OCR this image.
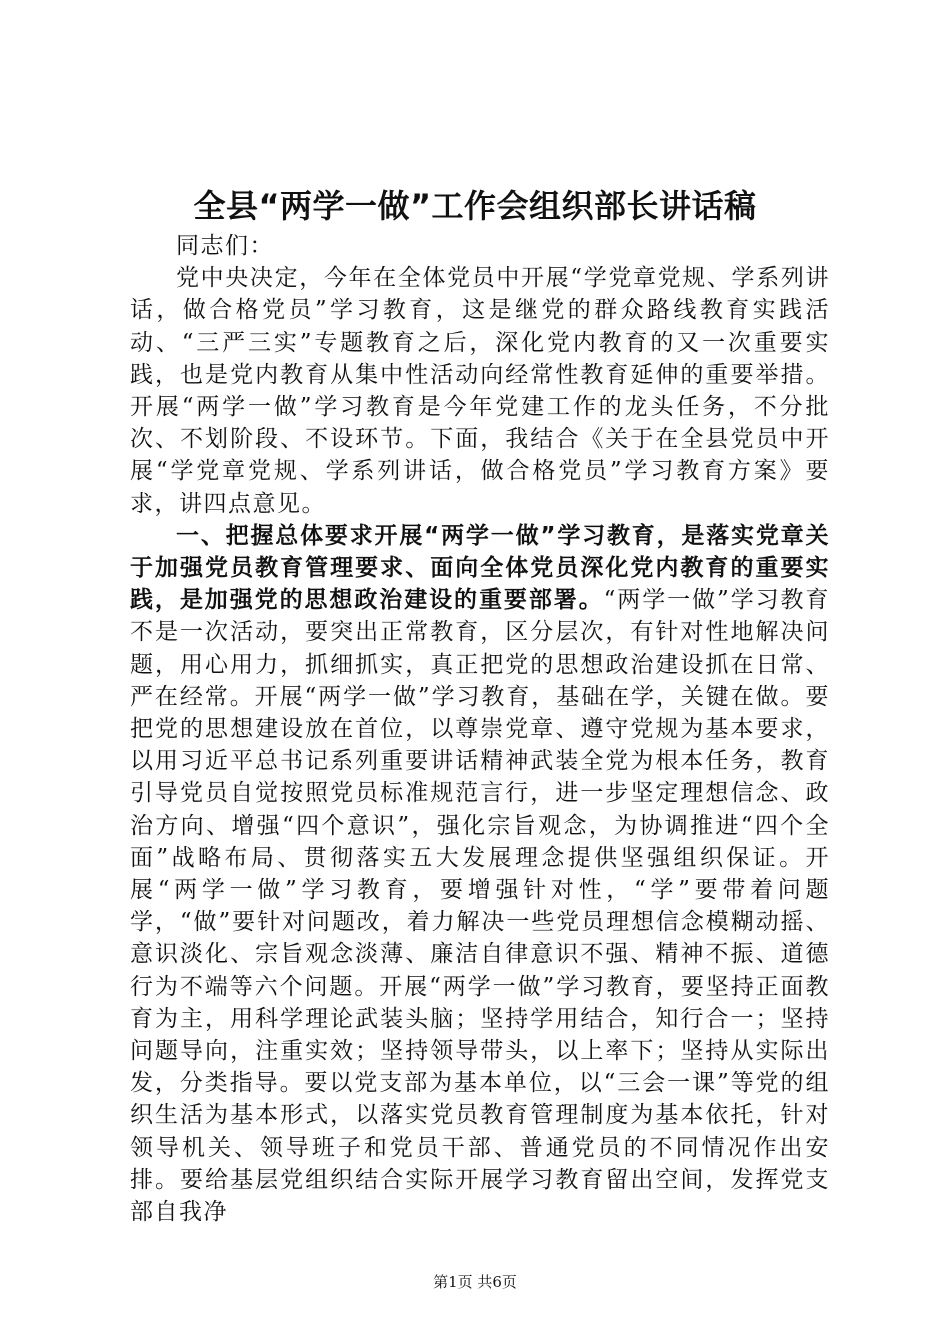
全县“两学一做”工作会组织部长讲话稿

同志们：

党中央决定，今年在全体党员中开展“学党章党规、学系列讲话，做合格党员”学习教育，这是继党的群众路线教育实践活动、“三严三实”专题教育之后，深化党内教育的又一次重要实践，也是党内教育从集中性活动向经常性教育延伸的重要举措。开展“两学一做”学习教育是今年党建工作的龙头任务，不分批次、不划阶段、不设环节。下面，我结合《关于在全县党员中开展“学党章党规、学系列讲话，做合格党员”学习教育方案》要求，讲四点意见。

一、把握总体要求开展“两学一做”学习教育，是落实党章关于加强党员教育管理要求、面向全体党员深化党内教育的重要实践，是加强党的思想政治建设的重要部署。“两学一做”学习教育不是一次活动，要突出正常教育，区分层次，有针对性地解决问题，用心用力，抓细抓实，真正把党的思想政治建设抓在日常、严在经常。开展“两学一做”学习教育，基础在学，关键在做。要把党的思想建设放在首位，以尊崇党章、遵守党规为基本要求，以用习近平总书记系列重要讲话精神武装全党为根本任务，教育引导党员自觉按照党员标准规范言行，进一步坚定理想信念、政治方向、增强“四个意识”，强化宗旨观念，为协调推进“四个全面”战略布局、贯彻落实五大发展理念提供坚强组织保证。开展“两学一做”学习教育，要增强针对性，“学”要带着问题学，“做”要针对问题改，着力解决一些党员理想信念模糊动摇、意识淡化、宗旨观念淡薄、廉洁自律意识不强、精神不振、道德行为不端等六个问题。开展“两学一做”学习教育，要坚持正面教育为主，用科学理论武装头脑；坚持学用结合，知行合一；坚持问题导向，注重实效；坚持领导带头，以上率下；坚持从实际出发，分类指导。要以党支部为基本单位，以“三会一课”等党的组织生活为基本形式，以落实党员教育管理制度为基本依托，针对领导机关、领导班子和党员干部、普通党员的不同情况作出安排。要给基层党组织结合实际开展学习教育留出空间，发挥党支部自我净

第1页 共6页
